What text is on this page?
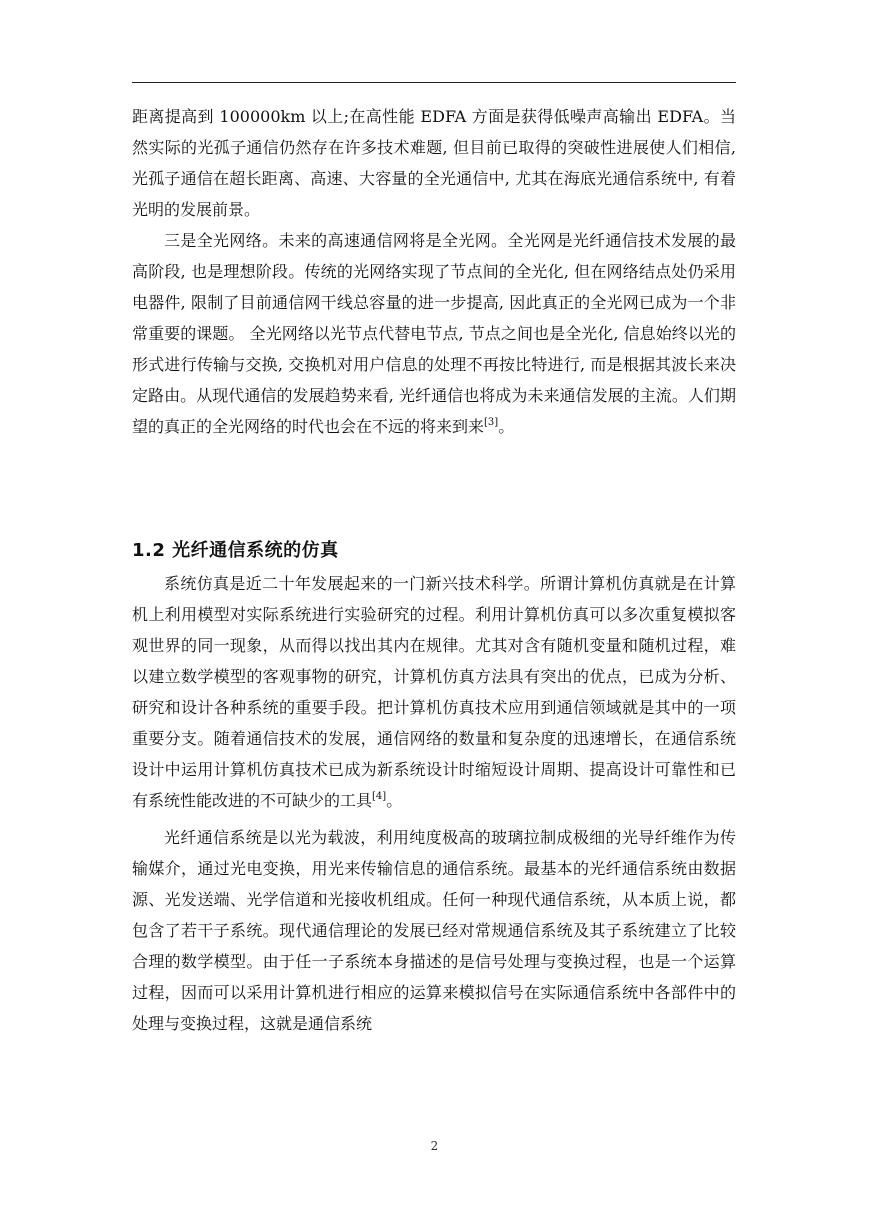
距离提高到 100000km 以上;在高性能 EDFA 方面是获得低噪声高输出 EDFA。当然实际的光孤子通信仍然存在许多技术难题, 但目前已取得的突破性进展使人们相信, 光孤子通信在超长距离、高速、大容量的全光通信中, 尤其在海底光通信系统中, 有着光明的发展前景。

三是全光网络。未来的高速通信网将是全光网。全光网是光纤通信技术发展的最高阶段, 也是理想阶段。传统的光网络实现了节点间的全光化, 但在网络结点处仍采用电器件, 限制了目前通信网干线总容量的进一步提高, 因此真正的全光网已成为一个非常重要的课题。 全光网络以光节点代替电节点, 节点之间也是全光化, 信息始终以光的形式进行传输与交换, 交换机对用户信息的处理不再按比特进行, 而是根据其波长来决定路由。从现代通信的发展趋势来看, 光纤通信也将成为未来通信发展的主流。人们期望的真正的全光网络的时代也会在不远的将来到来[3]。

1.2 光纤通信系统的仿真

系统仿真是近二十年发展起来的一门新兴技术科学。所谓计算机仿真就是在计算机上利用模型对实际系统进行实验研究的过程。利用计算机仿真可以多次重复模拟客观世界的同一现象，从而得以找出其内在规律。尤其对含有随机变量和随机过程，难以建立数学模型的客观事物的研究，计算机仿真方法具有突出的优点，已成为分析、研究和设计各种系统的重要手段。把计算机仿真技术应用到通信领域就是其中的一项重要分支。随着通信技术的发展，通信网络的数量和复杂度的迅速增长，在通信系统设计中运用计算机仿真技术已成为新系统设计时缩短设计周期、提高设计可靠性和已有系统性能改进的不可缺少的工具[4]。

光纤通信系统是以光为载波，利用纯度极高的玻璃拉制成极细的光导纤维作为传输媒介，通过光电变换，用光来传输信息的通信系统。最基本的光纤通信系统由数据源、光发送端、光学信道和光接收机组成。任何一种现代通信系统，从本质上说，都包含了若干子系统。现代通信理论的发展已经对常规通信系统及其子系统建立了比较合理的数学模型。由于任一子系统本身描述的是信号处理与变换过程，也是一个运算过程，因而可以采用计算机进行相应的运算来模拟信号在实际通信系统中各部件中的处理与变换过程，这就是通信系统

2
